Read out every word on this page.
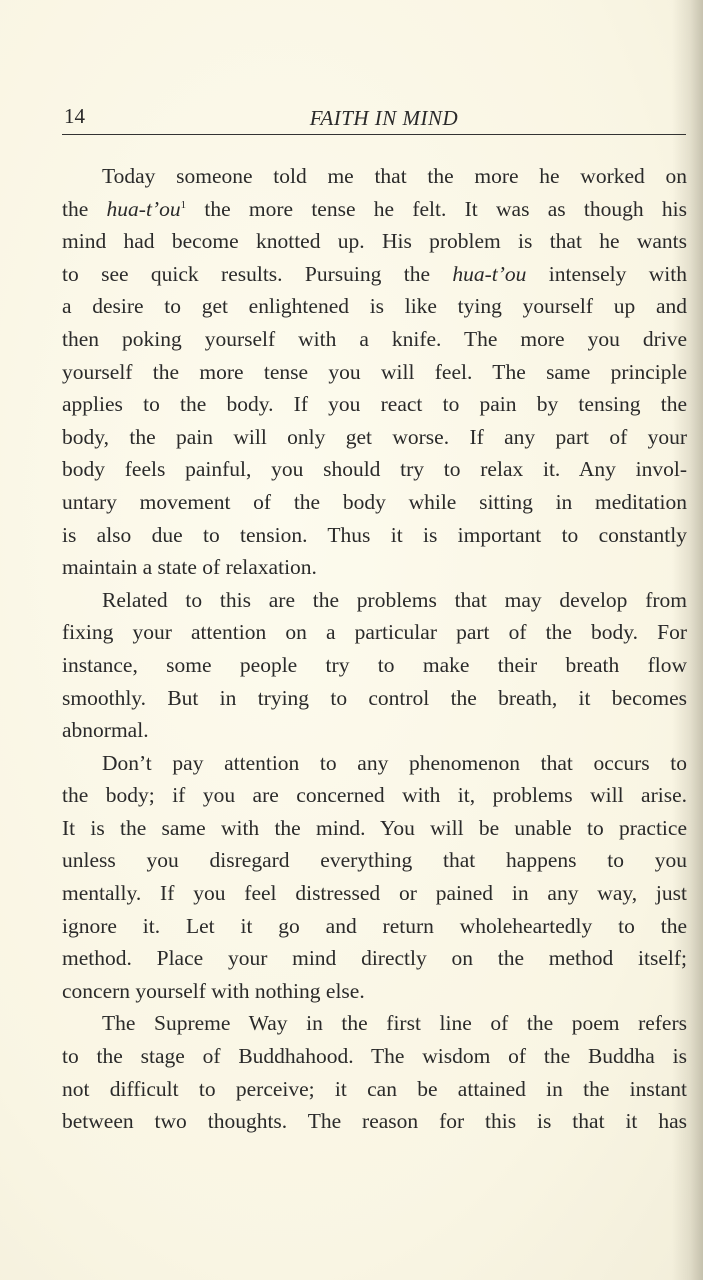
14	FAITH IN MIND
Today someone told me that the more he worked on
the hua-t’ou$^1$ the more tense he felt. It was as though his
mind had become knotted up. His problem is that he wants
to see quick results. Pursuing the hua-t’ou intensely with
a desire to get enlightened is like tying yourself up and
then poking yourself with a knife. The more you drive
yourself the more tense you will feel. The same principle
applies to the body. If you react to pain by tensing the
body, the pain will only get worse. If any part of your
body feels painful, you should try to relax it. Any invol-
untary movement of the body while sitting in meditation
is also due to tension. Thus it is important to constantly
maintain a state of relaxation.
Related to this are the problems that may develop from
fixing your attention on a particular part of the body. For
instance, some people try to make their breath flow
smoothly. But in trying to control the breath, it becomes
abnormal.
Don’t pay attention to any phenomenon that occurs to
the body; if you are concerned with it, problems will arise.
It is the same with the mind. You will be unable to practice
unless you disregard everything that happens to you
mentally. If you feel distressed or pained in any way, just
ignore it. Let it go and return wholeheartedly to the
method. Place your mind directly on the method itself;
concern yourself with nothing else.
The Supreme Way in the first line of the poem refers
to the stage of Buddhahood. The wisdom of the Buddha is
not difficult to perceive; it can be attained in the instant
between two thoughts. The reason for this is that it has
